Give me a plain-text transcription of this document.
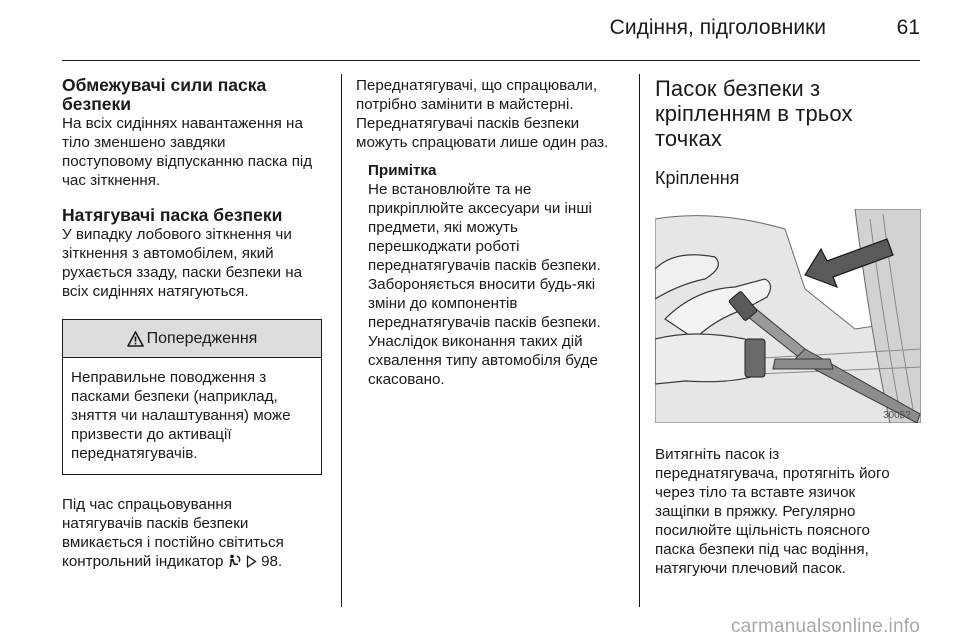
Сидіння, підголовники	61
Обмежувачі сили паска
безпеки
На всіх сидіннях навантаження на
тіло зменшено завдяки
поступовому відпусканню паска під
час зіткнення.
Натягувачі паска безпеки
У випадку лобового зіткнення чи
зіткнення з автомобілем, який
рухається ззаду, паски безпеки на
всіх сидіннях натягуються.
Попередження
Неправильне поводження з
пасками безпеки (наприклад,
зняття чи налаштування) може
призвести до активації
переднатягувачів.
Під час спрацьовування
натягувачів пасків безпеки
вмикається і постійно світиться
контрольний індикатор 98.
Переднатягувачі, що спрацювали,
потрібно замінити в майстерні.
Переднатягувачі пасків безпеки
можуть спрацювати лише один раз.
Примітка
Не встановлюйте та не
прикріплюйте аксесуари чи інші
предмети, які можуть
перешкоджати роботі
переднатягувачів пасків безпеки.
Забороняється вносити будь-які
зміни до компонентів
переднатягувачів пасків безпеки.
Унаслідок виконання таких дій
схвалення типу автомобіля буде
скасовано.
Пасок безпеки з
кріпленням в трьох
точках
Кріплення
30052
Витягніть пасок із
переднатягувача, протягніть його
через тіло та вставте язичок
защіпки в пряжку. Регулярно
посилюйте щільність поясного
паска безпеки під час водіння,
натягуючи плечовий пасок.
carmanualsonline.info
